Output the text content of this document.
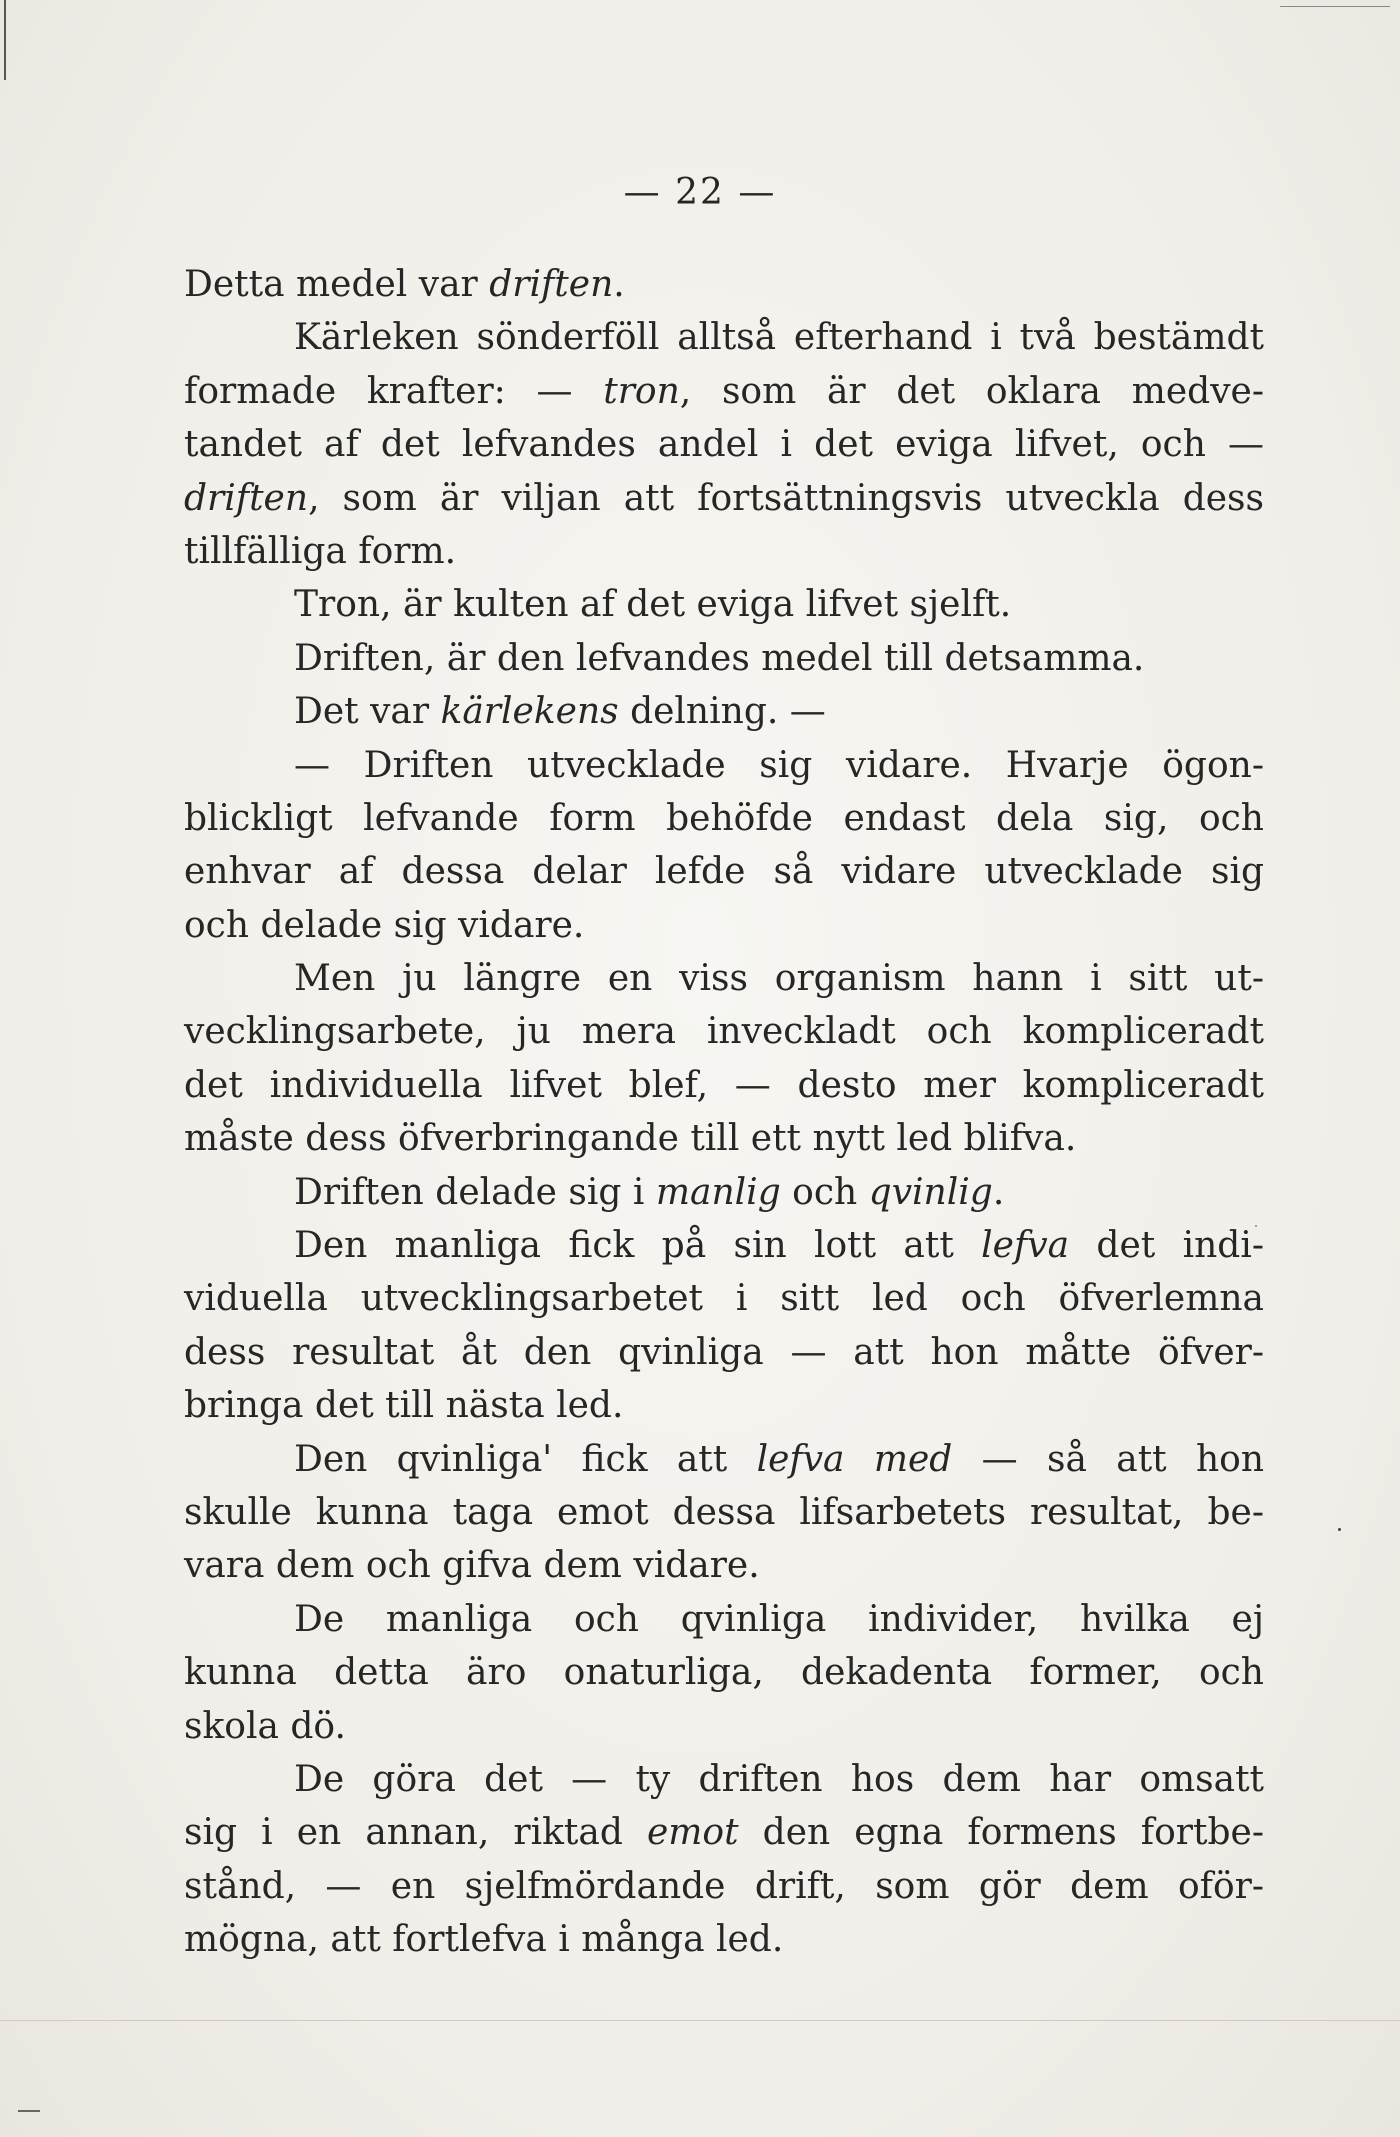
— 22 —
Detta medel var driften.
Kärleken sönderföll alltså efterhand i två bestämdt
formade krafter: — tron, som är det oklara medve-
tandet af det lefvandes andel i det eviga lifvet, och —
driften, som är viljan att fortsättningsvis utveckla dess
tillfälliga form.
Tron, är kulten af det eviga lifvet sjelft.
Driften, är den lefvandes medel till detsamma.
Det var kärlekens delning. —
— Driften utvecklade sig vidare. Hvarje ögon-
blickligt lefvande form behöfde endast dela sig, och
enhvar af dessa delar lefde så vidare utvecklade sig
och delade sig vidare.
Men ju längre en viss organism hann i sitt ut-
vecklingsarbete, ju mera inveckladt och kompliceradt
det individuella lifvet blef, — desto mer kompliceradt
måste dess öfverbringande till ett nytt led blifva.
Driften delade sig i manlig och qvinlig.
Den manliga fick på sin lott att lefva det indi-
viduella utvecklingsarbetet i sitt led och öfverlemna
dess resultat åt den qvinliga — att hon måtte öfver-
bringa det till nästa led.
Den qvinliga' fick att lefva med — så att hon
skulle kunna taga emot dessa lifsarbetets resultat, be-
vara dem och gifva dem vidare.
De manliga och qvinliga individer, hvilka ej
kunna detta äro onaturliga, dekadenta former, och
skola dö.
De göra det — ty driften hos dem har omsatt
sig i en annan, riktad emot den egna formens fortbe-
stånd, — en sjelfmördande drift, som gör dem oför-
mögna, att fortlefva i många led.
